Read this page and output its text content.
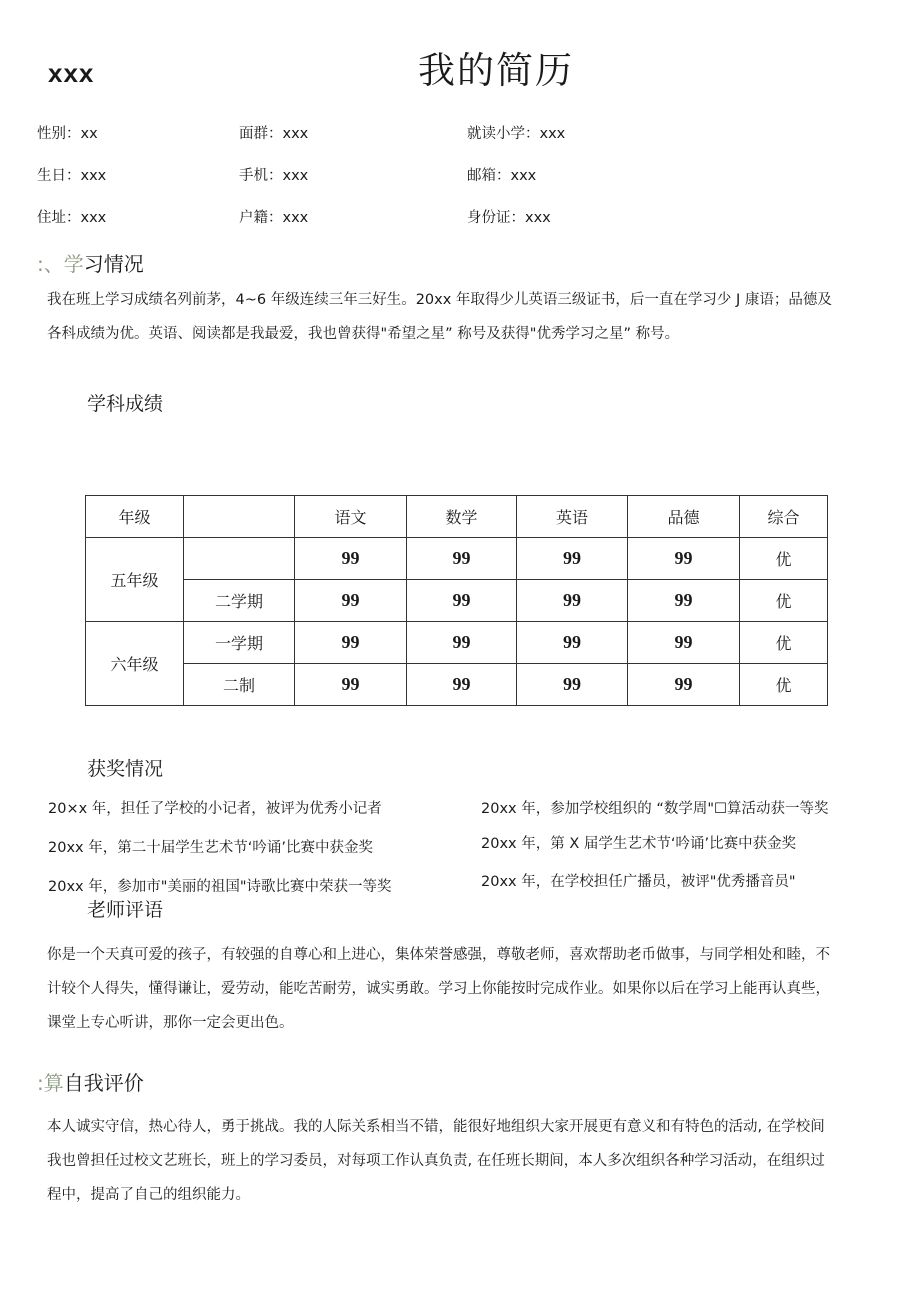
xxx	我的简历
性别：xx	面群：xxx	就读小学：xxx
生日：xxx	手机：xxx	邮箱：xxx
住址：xxx	户籍：xxx	身份证：xxx
:、学习情况
我在班上学习成绩名列前茅，4~6 年级连续三年三好生。20xx 年取得少儿英语三级证书，后一直在学习少 J 康语；品德及
各科成绩为优。英语、阅读都是我最爱，我也曾获得"希望之星” 称号及获得"优秀学习之星” 称号。
学科成绩
年级		语文	数学	英语	品德	综合
五年级		99	99	99	99	优
	二学期	99	99	99	99	优
六年级	一学期	99	99	99	99	优
	二制	99	99	99	99	优
获奖情况
20×x 年，担任了学校的小记者，被评为优秀小记者
20xx 年，第二十届学生艺术节‘吟诵’比赛中获金奖
20xx 年，参加市"美丽的祖国"诗歌比赛中荣获一等奖
20xx 年，参加学校组织的 “数学周"☐算活动获一等奖
20xx 年，第 X 届学生艺术节‘吟诵’比赛中获金奖
20xx 年，在学校担任广播员，被评"优秀播音员"
老师评语
你是一个天真可爱的孩子，有较强的自尊心和上进心，集体荣誉感强，尊敬老师，喜欢帮助老币做事，与同学相处和睦，不
计较个人得失，懂得谦让，爱劳动，能吃苦耐劳，诚实勇敢。学习上你能按时完成作业。如果你以后在学习上能再认真些，
课堂上专心听讲，那你一定会更出色。
:算自我评价
本人诚实守信，热心待人，勇于挑战。我的人际关系相当不错，能很好地组织大家开展更有意义和有特色的活动, 在学校间
我也曾担任过校文艺班长，班上的学习委员，对每项工作认真负责, 在任班长期间，本人多次组织各种学习活动，在组织过
程中，提高了自己的组织能力。
